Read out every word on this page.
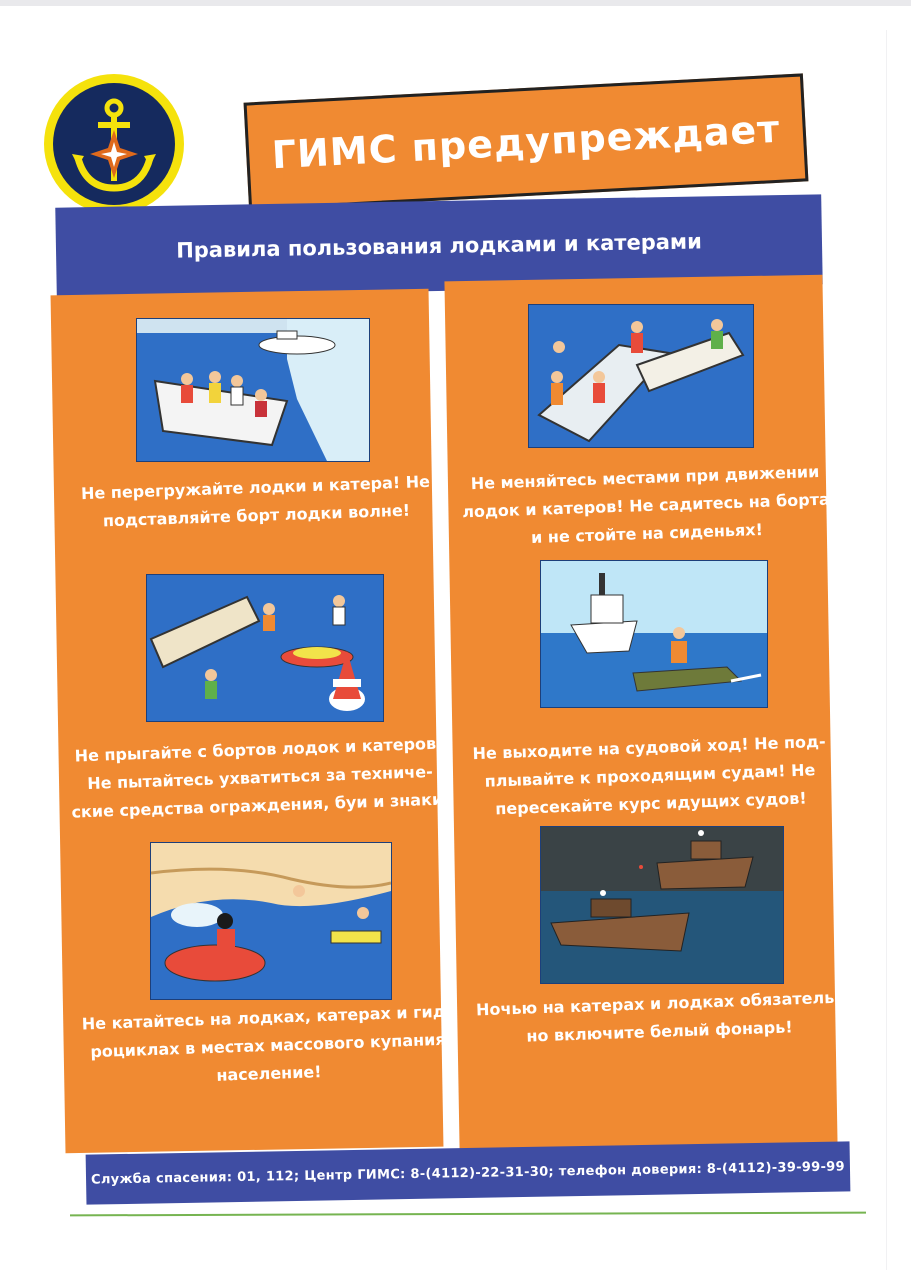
ГИМС предупреждает
Правила пользования лодками и катерами
Не перегружайте лодки и катера! Не подставляйте борт лодки волне!
Не меняйтесь местами при движении лодок и катеров! Не садитесь на борта и не стойте на сиденьях!
Не прыгайте с бортов лодок и катеров! Не пытайтесь ухватиться за техниче-ские средства ограждения, буи и знаки!
Не выходите на судовой ход! Не под-плывайте к проходящим судам! Не пересекайте курс идущих судов!
Не катайтесь на лодках, катерах и гид-роциклах в местах массового купания население!
Ночью на катерах и лодках обязатель-но включите белый фонарь!
Служба спасения: 01, 112; Центр ГИМС: 8-(4112)-22-31-30; телефон доверия: 8-(4112)-39-99-99
